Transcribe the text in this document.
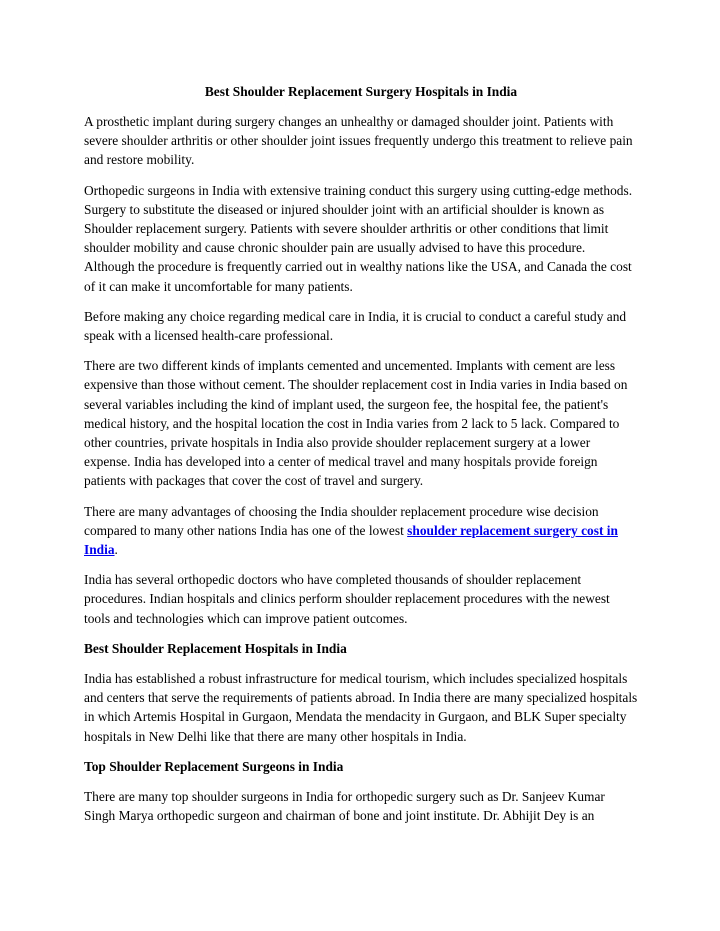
Best Shoulder Replacement Surgery Hospitals in India

A prosthetic implant during surgery changes an unhealthy or damaged shoulder joint. Patients with severe shoulder arthritis or other shoulder joint issues frequently undergo this treatment to relieve pain and restore mobility.

Orthopedic surgeons in India with extensive training conduct this surgery using cutting-edge methods. Surgery to substitute the diseased or injured shoulder joint with an artificial shoulder is known as Shoulder replacement surgery. Patients with severe shoulder arthritis or other conditions that limit shoulder mobility and cause chronic shoulder pain are usually advised to have this procedure. Although the procedure is frequently carried out in wealthy nations like the USA, and Canada the cost of it can make it uncomfortable for many patients.

Before making any choice regarding medical care in India, it is crucial to conduct a careful study and speak with a licensed health-care professional.

There are two different kinds of implants cemented and uncemented. Implants with cement are less expensive than those without cement. The shoulder replacement cost in India varies in India based on several variables including the kind of implant used, the surgeon fee, the hospital fee, the patient's medical history, and the hospital location the cost in India varies from 2 lack to 5 lack. Compared to other countries, private hospitals in India also provide shoulder replacement surgery at a lower expense. India has developed into a center of medical travel and many hospitals provide foreign patients with packages that cover the cost of travel and surgery.

There are many advantages of choosing the India shoulder replacement procedure wise decision compared to many other nations India has one of the lowest shoulder replacement surgery cost in India.

India has several orthopedic doctors who have completed thousands of shoulder replacement procedures. Indian hospitals and clinics perform shoulder replacement procedures with the newest tools and technologies which can improve patient outcomes.

Best Shoulder Replacement Hospitals in India

India has established a robust infrastructure for medical tourism, which includes specialized hospitals and centers that serve the requirements of patients abroad. In India there are many specialized hospitals in which Artemis Hospital in Gurgaon, Mendata the mendacity in Gurgaon, and BLK Super specialty hospitals in New Delhi like that there are many other hospitals in India.

Top Shoulder Replacement Surgeons in India

There are many top shoulder surgeons in India for orthopedic surgery such as Dr. Sanjeev Kumar Singh Marya orthopedic surgeon and chairman of bone and joint institute. Dr. Abhijit Dey is an
